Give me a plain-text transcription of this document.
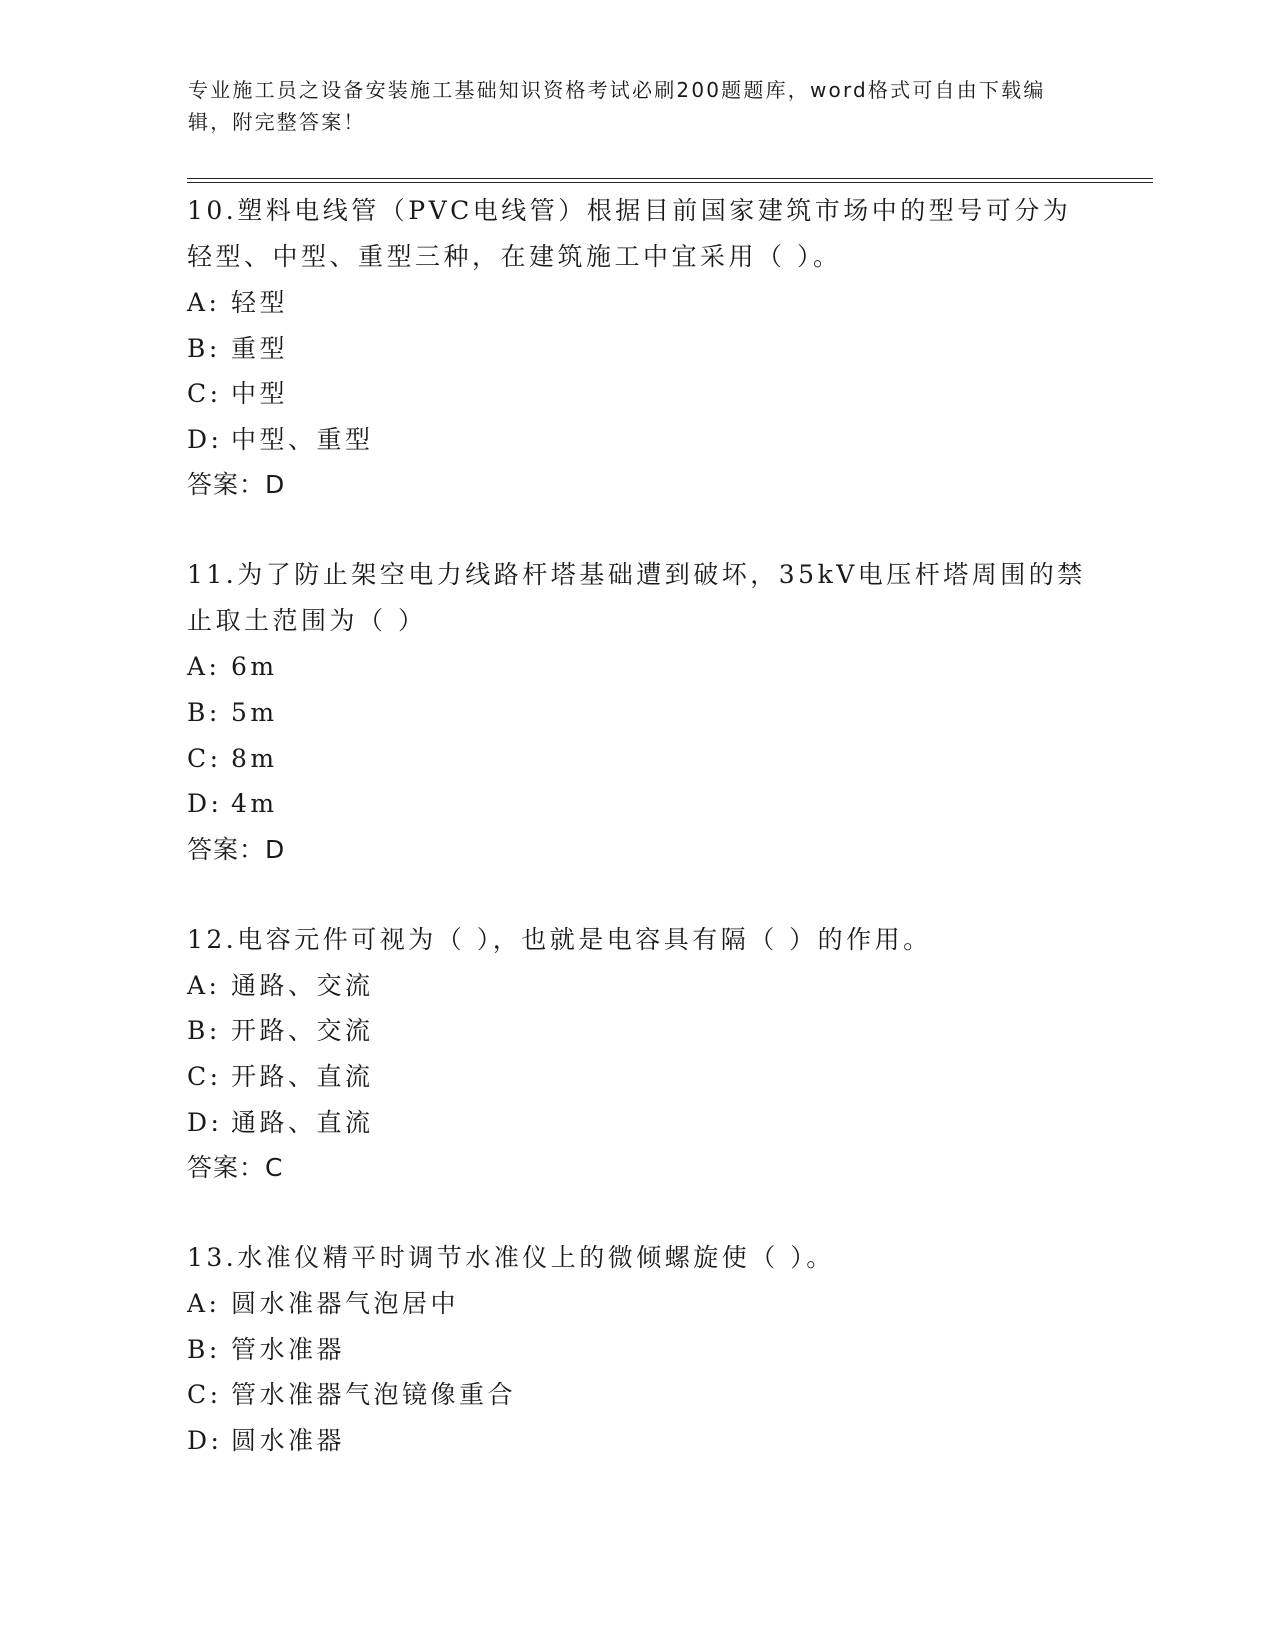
专业施工员之设备安装施工基础知识资格考试必刷200题题库，word格式可自由下载编辑，附完整答案！

10.塑料电线管（PVC电线管）根据目前国家建筑市场中的型号可分为轻型、中型、重型三种，在建筑施工中宜采用（ ）。

A: 轻型
B: 重型
C: 中型
D: 中型、重型

答案：D

11.为了防止架空电力线路杆塔基础遭到破坏，35kV电压杆塔周围的禁止取土范围为（ ）

A: 6m
B: 5m
C: 8m
D: 4m

答案：D

12.电容元件可视为（ ），也就是电容具有隔（ ）的作用。

A: 通路、交流
B: 开路、交流
C: 开路、直流
D: 通路、直流

答案：C

13.水准仪精平时调节水准仪上的微倾螺旋使（ ）。

A: 圆水准器气泡居中
B: 管水准器
C: 管水准器气泡镜像重合
D: 圆水准器
